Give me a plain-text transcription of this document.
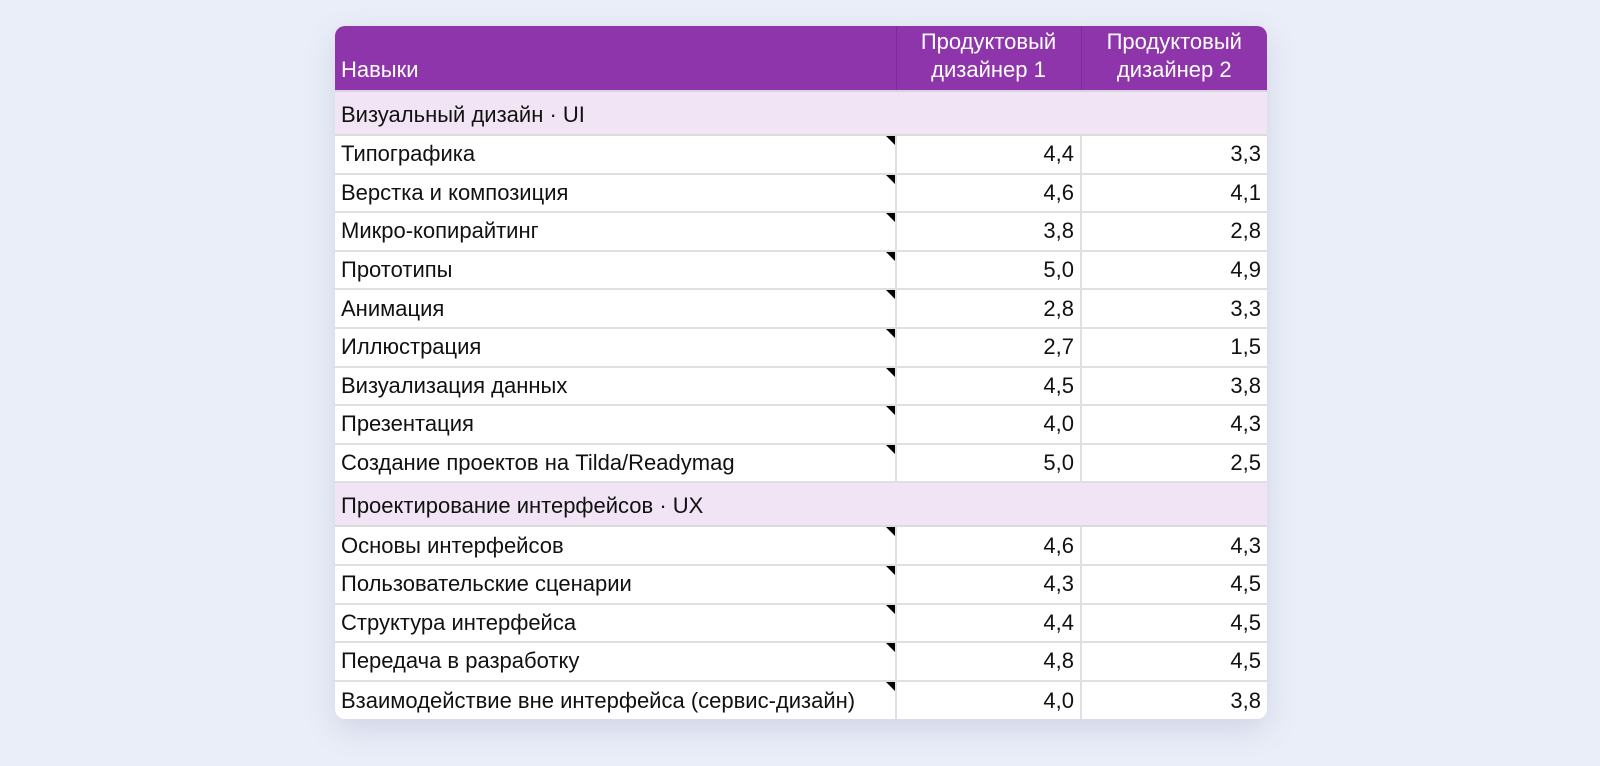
Навыки	Продуктовый дизайнер 1	Продуктовый дизайнер 2
Визуальный дизайн · UI		
Типографика	4,4	3,3
Верстка и композиция	4,6	4,1
Микро-копирайтинг	3,8	2,8
Прототипы	5,0	4,9
Анимация	2,8	3,3
Иллюстрация	2,7	1,5
Визуализация данных	4,5	3,8
Презентация	4,0	4,3
Создание проектов на Tilda/Readymag	5,0	2,5
Проектирование интерфейсов · UX		
Основы интерфейсов	4,6	4,3
Пользовательские сценарии	4,3	4,5
Структура интерфейса	4,4	4,5
Передача в разработку	4,8	4,5
Взаимодействие вне интерфейса (сервис-дизайн)	4,0	3,8
